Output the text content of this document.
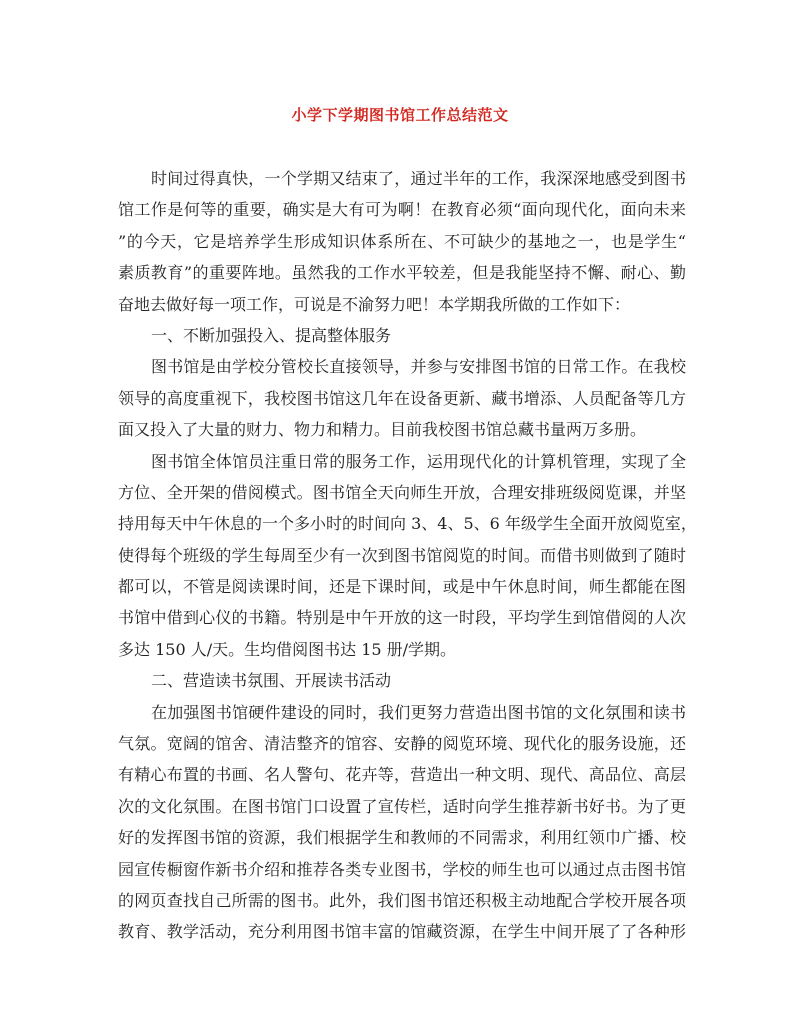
小学下学期图书馆工作总结范文
时间过得真快，一个学期又结束了，通过半年的工作，我深深地感受到图书
馆工作是何等的重要，确实是大有可为啊！在教育必须“面向现代化，面向未来
”的今天，它是培养学生形成知识体系所在、不可缺少的基地之一，也是学生“
素质教育”的重要阵地。虽然我的工作水平较差，但是我能坚持不懈、耐心、勤
奋地去做好每一项工作，可说是不渝努力吧！本学期我所做的工作如下：
一、不断加强投入、提高整体服务
图书馆是由学校分管校长直接领导，并参与安排图书馆的日常工作。在我校
领导的高度重视下，我校图书馆这几年在设备更新、藏书增添、人员配备等几方
面又投入了大量的财力、物力和精力。目前我校图书馆总藏书量两万多册。
图书馆全体馆员注重日常的服务工作，运用现代化的计算机管理，实现了全
方位、全开架的借阅模式。图书馆全天向师生开放，合理安排班级阅览课，并坚
持用每天中午休息的一个多小时的时间向 3、4、5、6 年级学生全面开放阅览室，
使得每个班级的学生每周至少有一次到图书馆阅览的时间。而借书则做到了随时
都可以，不管是阅读课时间，还是下课时间，或是中午休息时间，师生都能在图
书馆中借到心仪的书籍。特别是中午开放的这一时段，平均学生到馆借阅的人次
多达 150 人/天。生均借阅图书达 15 册/学期。
二、营造读书氛围、开展读书活动
在加强图书馆硬件建设的同时，我们更努力营造出图书馆的文化氛围和读书
气氛。宽阔的馆舍、清洁整齐的馆容、安静的阅览环境、现代化的服务设施，还
有精心布置的书画、名人警句、花卉等，营造出一种文明、现代、高品位、高层
次的文化氛围。在图书馆门口设置了宣传栏，适时向学生推荐新书好书。为了更
好的发挥图书馆的资源，我们根据学生和教师的不同需求，利用红领巾广播、校
园宣传橱窗作新书介绍和推荐各类专业图书，学校的师生也可以通过点击图书馆
的网页查找自己所需的图书。此外，我们图书馆还积极主动地配合学校开展各项
教育、教学活动，充分利用图书馆丰富的馆藏资源，在学生中间开展了了各种形
